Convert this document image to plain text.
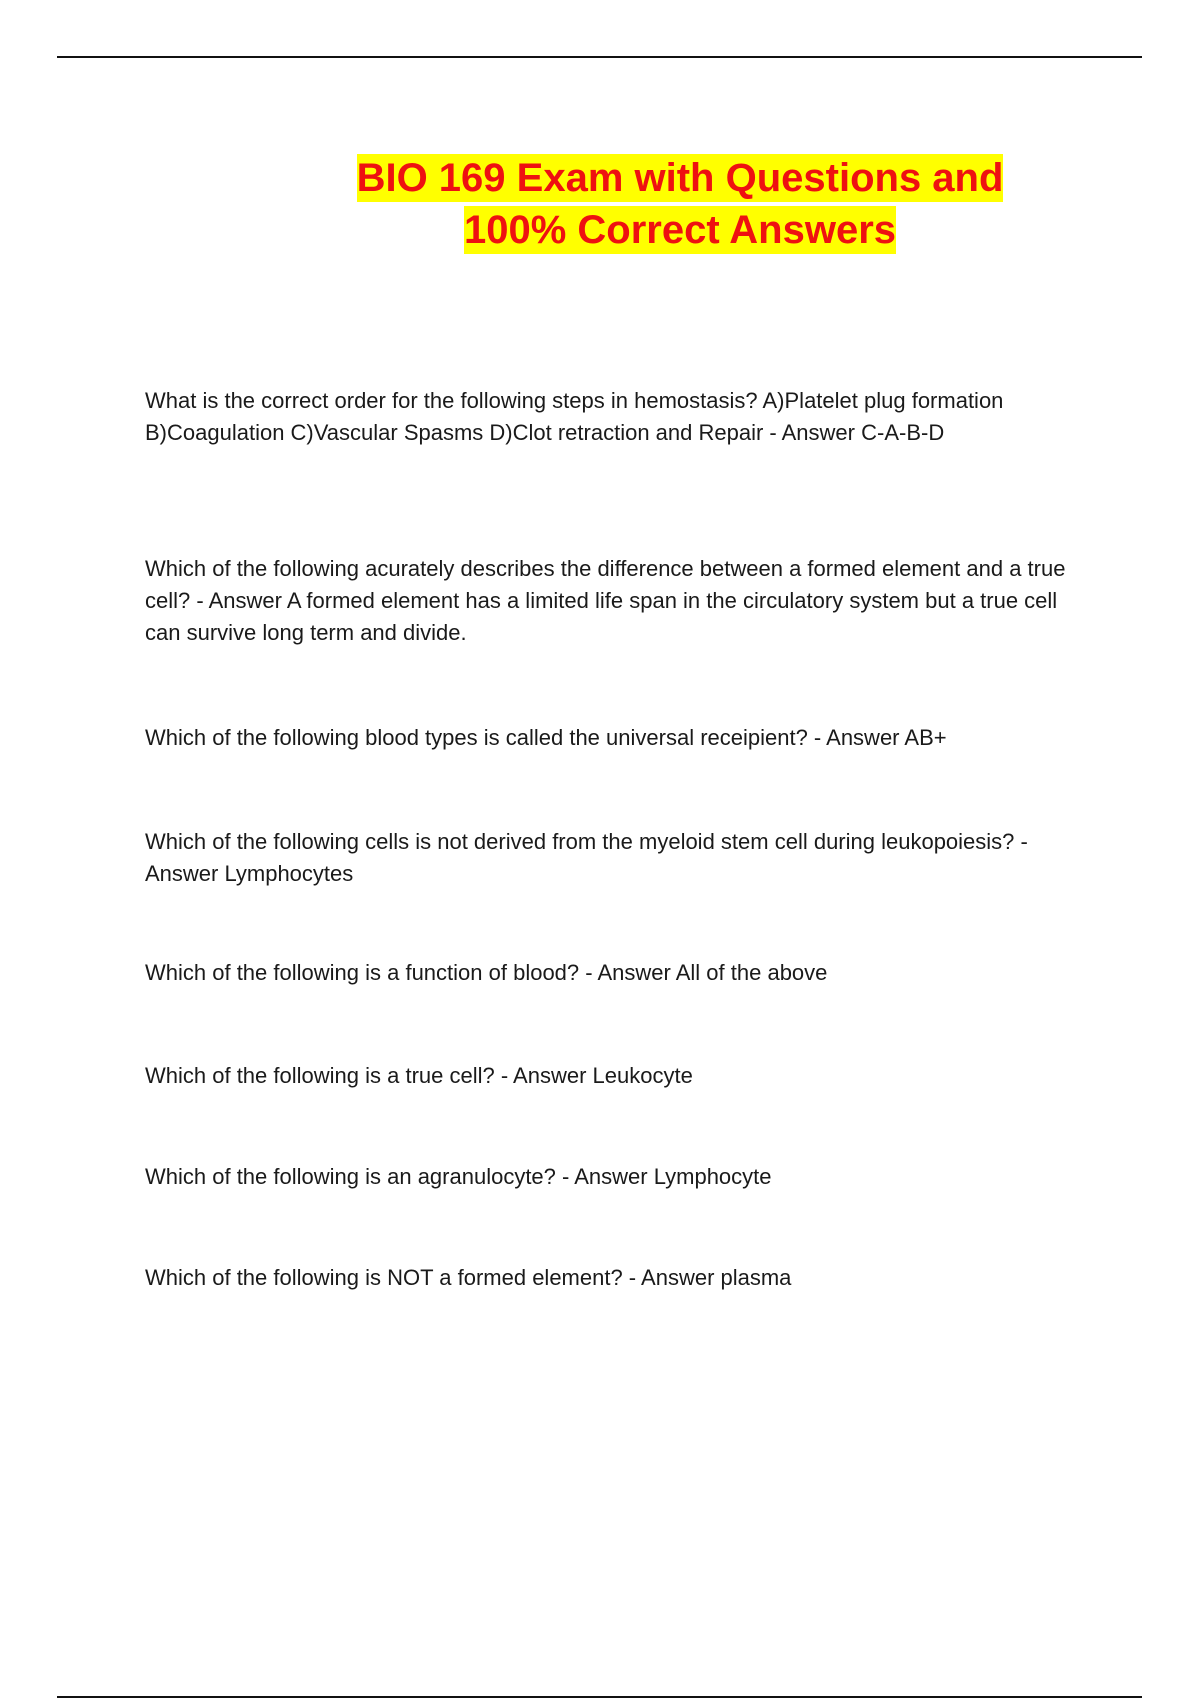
BIO 169 Exam with Questions and 100% Correct Answers

What is the correct order for the following steps in hemostasis? A)Platelet plug formation B)Coagulation C)Vascular Spasms D)Clot retraction and Repair - Answer C-A-B-D

Which of the following acurately describes the difference between a formed element and a true cell? - Answer A formed element has a limited life span in the circulatory system but a true cell can survive long term and divide.

Which of the following blood types is called the universal receipient? - Answer AB+

Which of the following cells is not derived from the myeloid stem cell during leukopoiesis? - Answer Lymphocytes

Which of the following is a function of blood? - Answer All of the above

Which of the following is a true cell? - Answer Leukocyte

Which of the following is an agranulocyte? - Answer Lymphocyte

Which of the following is NOT a formed element? - Answer plasma
